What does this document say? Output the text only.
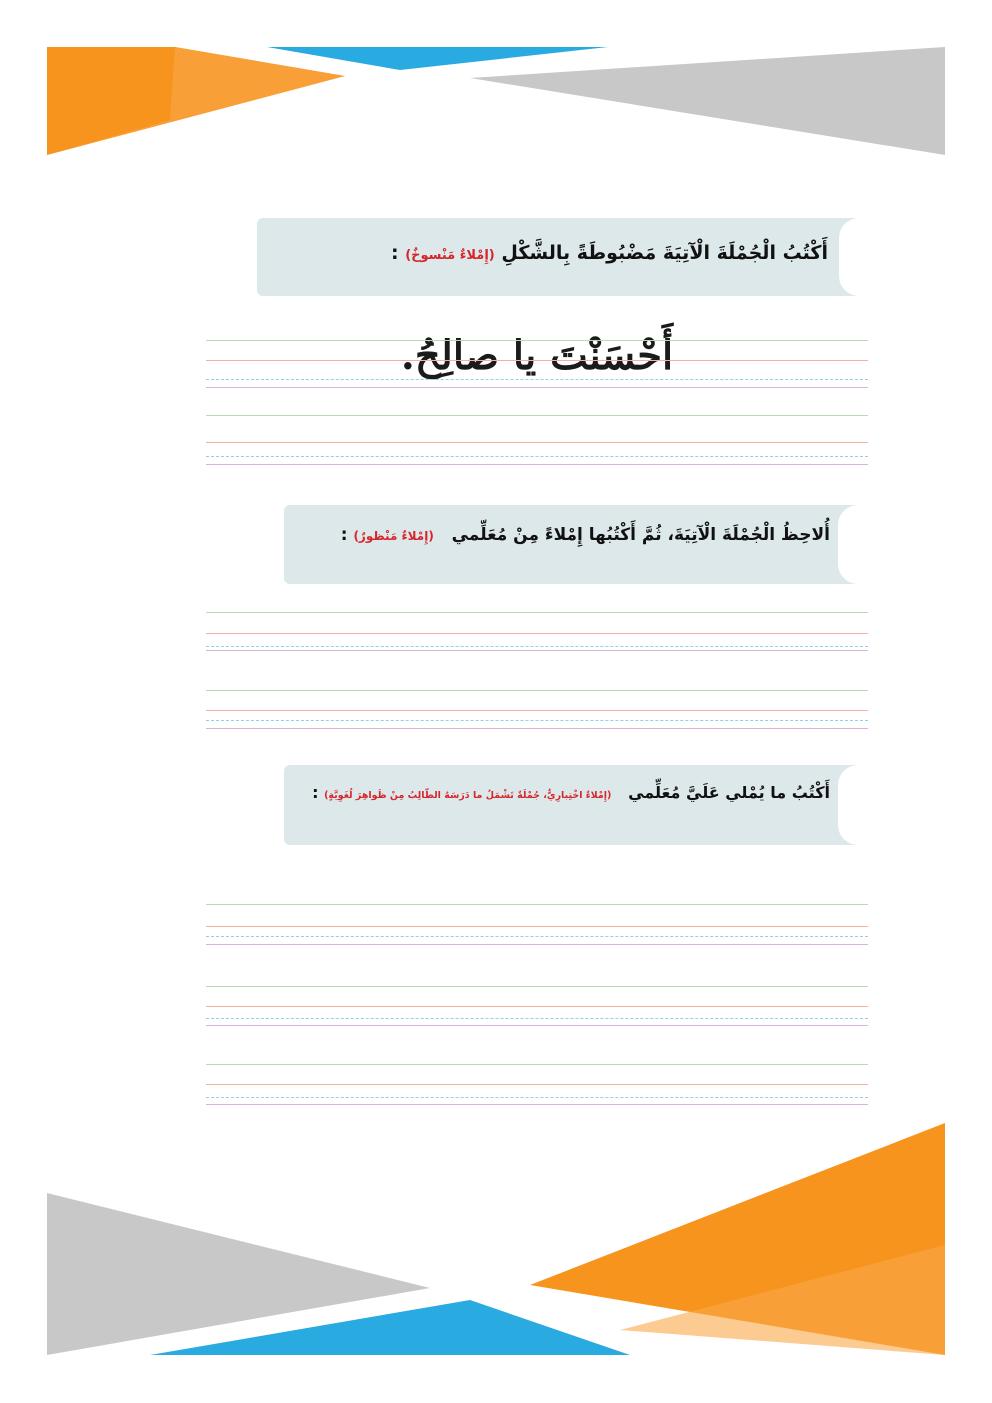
أَكْتُبُ الْجُمْلَةَ الْآتِيَةَ مَضْبُوطَةً بِالشَّكْلِ (إِمْلاءٌ مَنْسوخٌ) :
أَحْسَنْتَ يا صالِحُ.
أُلاحِظُ الْجُمْلَةَ الْآتِيَةَ، ثُمَّ أَكْتُبُها إِمْلاءً مِنْ مُعَلِّمي   (إِمْلاءٌ مَنْظورٌ) :
أَكْتُبُ ما يُمْلي عَلَيَّ مُعَلِّمي   (إِمْلاءٌ اخْتِبارِيٌّ، جُمْلَةٌ تَشْمَلُ ما دَرَسَهُ الطّالِبُ مِنْ ظَواهِرَ لُغَوِيَّةٍ) :
